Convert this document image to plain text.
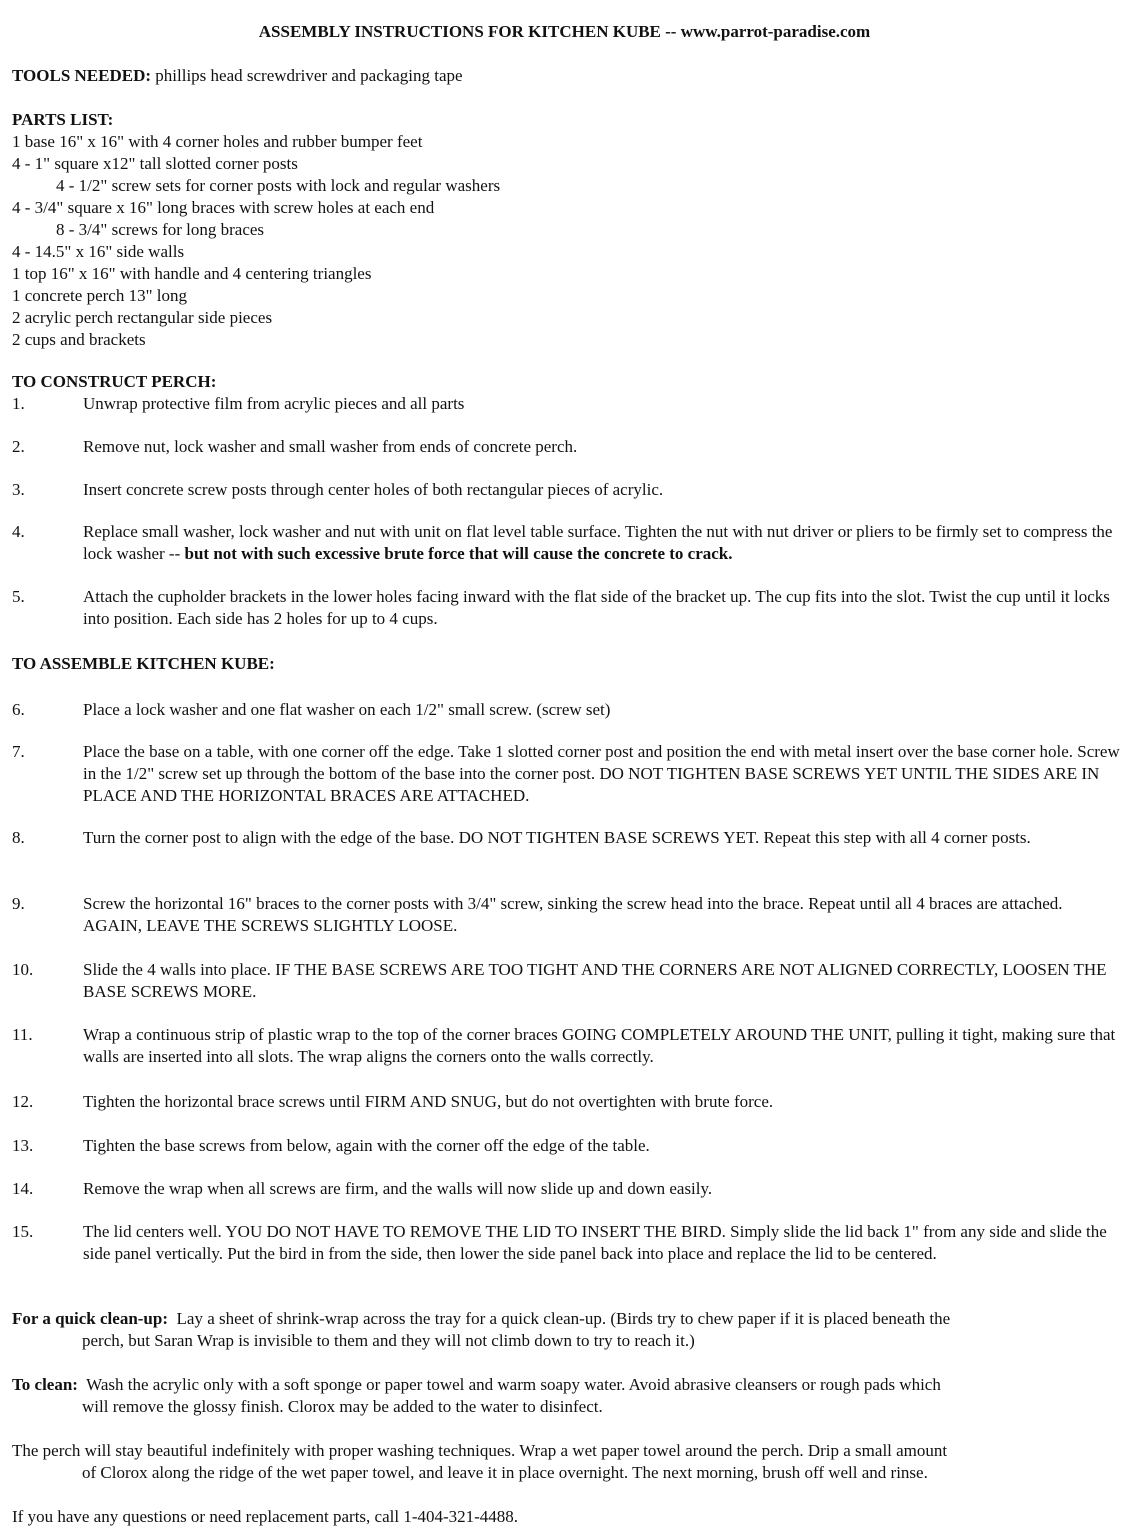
ASSEMBLY INSTRUCTIONS FOR KITCHEN KUBE -- www.parrot-paradise.com
TOOLS NEEDED: phillips head screwdriver and packaging tape
PARTS LIST:
1 base 16" x 16" with 4 corner holes and rubber bumper feet
4 - 1" square x12" tall slotted corner posts
4 - 1/2" screw sets for corner posts with lock and regular washers
4 - 3/4" square x 16" long braces with screw holes at each end
8 - 3/4" screws for long braces
4 - 14.5" x 16" side walls
1 top 16" x 16" with handle and 4 centering triangles
1 concrete perch 13" long
2 acrylic perch rectangular side pieces
2 cups and brackets
TO CONSTRUCT PERCH:
1.	Unwrap protective film from acrylic pieces and all parts
2.	Remove nut, lock washer and small washer from ends of concrete perch.
3.	Insert concrete screw posts through center holes of both rectangular pieces of acrylic.
4.	Replace small washer, lock washer and nut with unit on flat level table surface. Tighten the nut with nut driver or pliers to be firmly set to compress the lock washer -- but not with such excessive brute force that will cause the concrete to crack.
5.	Attach the cupholder brackets in the lower holes facing inward with the flat side of the bracket up. The cup fits into the slot. Twist the cup until it locks into position. Each side has 2 holes for up to 4 cups.
TO ASSEMBLE KITCHEN KUBE:
6.	Place a lock washer and one flat washer on each 1/2" small screw. (screw set)
7.	Place the base on a table, with one corner off the edge. Take 1 slotted corner post and position the end with metal insert over the base corner hole. Screw in the 1/2" screw set up through the bottom of the base into the corner post. DO NOT TIGHTEN BASE SCREWS YET UNTIL THE SIDES ARE IN PLACE AND THE HORIZONTAL BRACES ARE ATTACHED.
8.	Turn the corner post to align with the edge of the base. DO NOT TIGHTEN BASE SCREWS YET. Repeat this step with all 4 corner posts.
9.	Screw the horizontal 16" braces to the corner posts with 3/4" screw, sinking the screw head into the brace. Repeat until all 4 braces are attached. AGAIN, LEAVE THE SCREWS SLIGHTLY LOOSE.
10.	Slide the 4 walls into place. IF THE BASE SCREWS ARE TOO TIGHT AND THE CORNERS ARE NOT ALIGNED CORRECTLY, LOOSEN THE BASE SCREWS MORE.
11.	Wrap a continuous strip of plastic wrap to the top of the corner braces GOING COMPLETELY AROUND THE UNIT, pulling it tight, making sure that walls are inserted into all slots. The wrap aligns the corners onto the walls correctly.
12.	Tighten the horizontal brace screws until FIRM AND SNUG, but do not overtighten with brute force.
13.	Tighten the base screws from below, again with the corner off the edge of the table.
14.	Remove the wrap when all screws are firm, and the walls will now slide up and down easily.
15.	The lid centers well. YOU DO NOT HAVE TO REMOVE THE LID TO INSERT THE BIRD. Simply slide the lid back 1" from any side and slide the side panel vertically. Put the bird in from the side, then lower the side panel back into place and replace the lid to be centered.
For a quick clean-up: Lay a sheet of shrink-wrap across the tray for a quick clean-up. (Birds try to chew paper if it is placed beneath the
perch, but Saran Wrap is invisible to them and they will not climb down to try to reach it.)
To clean: Wash the acrylic only with a soft sponge or paper towel and warm soapy water. Avoid abrasive cleansers or rough pads which
will remove the glossy finish. Clorox may be added to the water to disinfect.
The perch will stay beautiful indefinitely with proper washing techniques. Wrap a wet paper towel around the perch. Drip a small amount
of Clorox along the ridge of the wet paper towel, and leave it in place overnight. The next morning, brush off well and rinse.
If you have any questions or need replacement parts, call 1-404-321-4488.
